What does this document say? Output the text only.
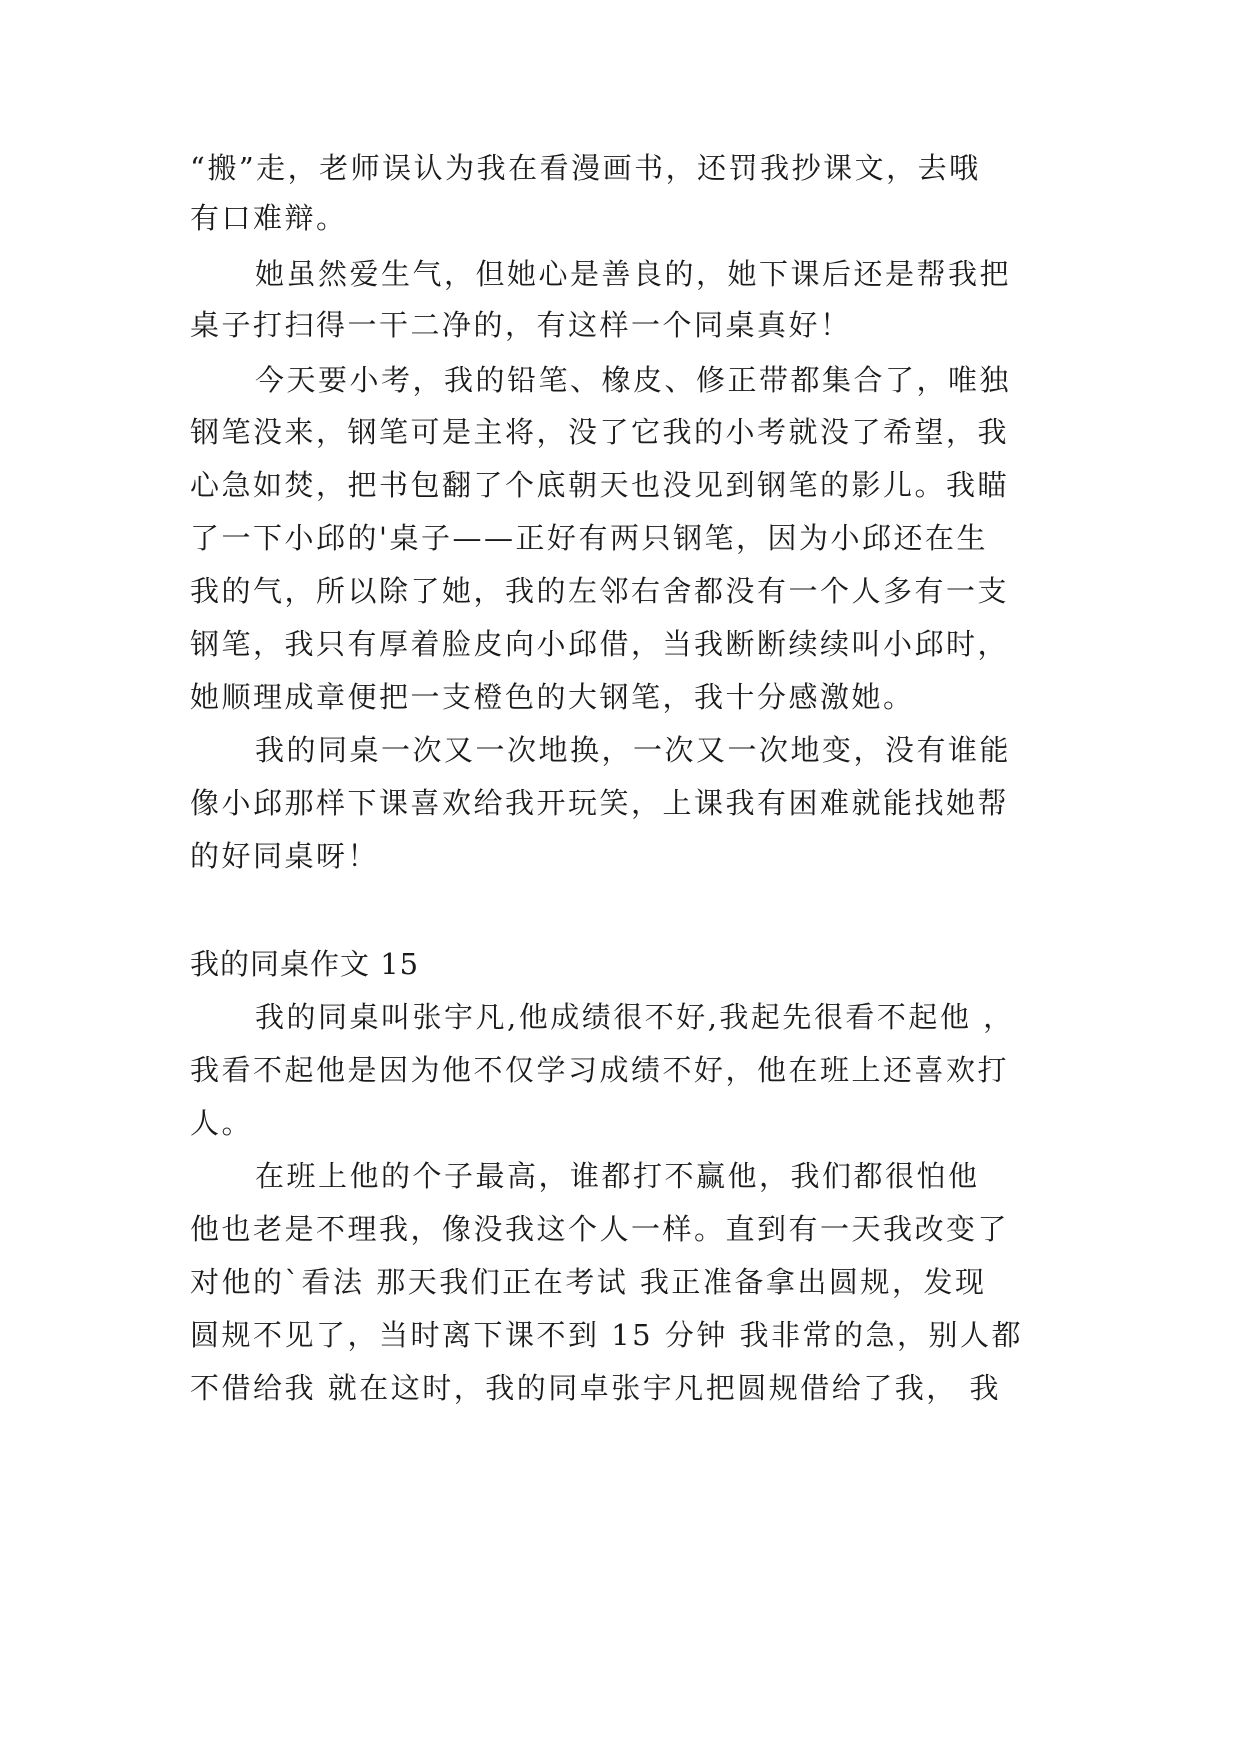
“搬”走，老师误认为我在看漫画书，还罚我抄课文，去哦

有口难辩。

她虽然爱生气，但她心是善良的，她下课后还是帮我把

桌子打扫得一干二净的，有这样一个同桌真好！

今天要小考，我的铅笔、橡皮、修正带都集合了，唯独

钢笔没来，钢笔可是主将，没了它我的小考就没了希望，我

心急如焚，把书包翻了个底朝天也没见到钢笔的影儿。我瞄

了一下小邱的'桌子——正好有两只钢笔，因为小邱还在生

我的气，所以除了她，我的左邻右舍都没有一个人多有一支

钢笔，我只有厚着脸皮向小邱借，当我断断续续叫小邱时，

她顺理成章便把一支橙色的大钢笔，我十分感激她。

我的同桌一次又一次地换，一次又一次地变，没有谁能

像小邱那样下课喜欢给我开玩笑，上课我有困难就能找她帮

的好同桌呀！

我的同桌作文 15

我的同桌叫张宇凡,他成绩很不好,我起先很看不起他 ，

我看不起他是因为他不仅学习成绩不好，他在班上还喜欢打

人。

在班上他的个子最高，谁都打不赢他，我们都很怕他

他也老是不理我，像没我这个人一样。直到有一天我改变了

对他的`看法 那天我们正在考试 我正准备拿出圆规，发现

圆规不见了，当时离下课不到 15 分钟 我非常的急，别人都

不借给我 就在这时，我的同卓张宇凡把圆规借给了我， 我
